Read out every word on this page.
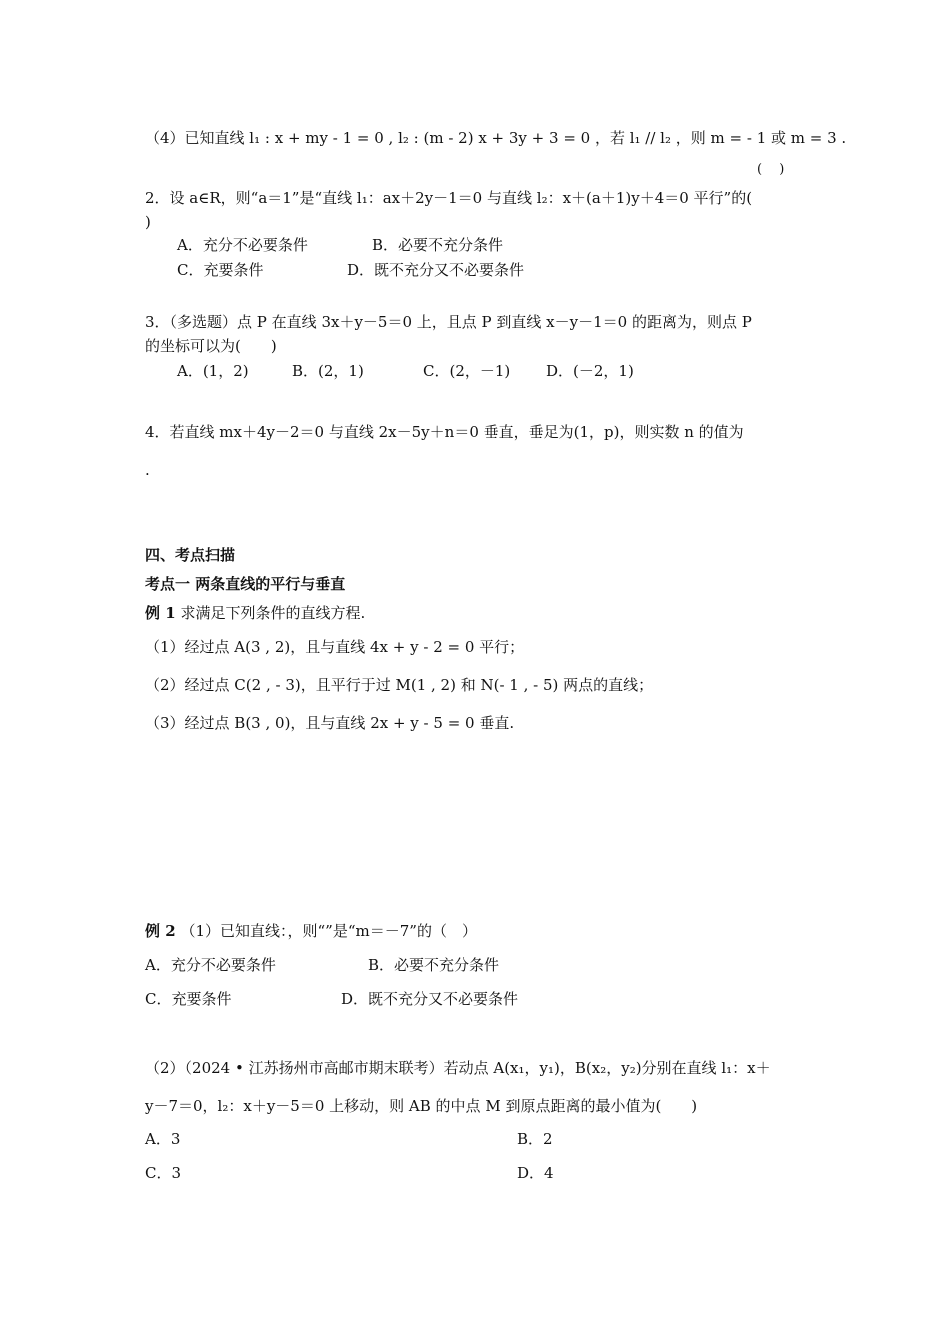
（4）已知直线 l₁ : x + my - 1 = 0 , l₂ : (m - 2) x + 3y + 3 = 0 ，若 l₁ // l₂ ，则 m = - 1 或 m = 3 .
(　 )
2．设 a∈R，则“a＝1”是“直线 l₁：ax＋2y－1＝0 与直线 l₂：x＋(a＋1)y＋4＝0 平行”的(
)
A．充分不必要条件	B．必要不充分条件
C．充要条件	D．既不充分又不必要条件
3．（多选题）点 P 在直线 3x＋y－5＝0 上，且点 P 到直线 x－y－1＝0 的距离为，则点 P
的坐标可以为(　　)
A．(1，2)	B．(2，1)	C．(2，－1) D．(－2，1)
4．若直线 mx＋4y－2＝0 与直线 2x－5y＋n＝0 垂直，垂足为(1，p)，则实数 n 的值为
.
四、考点扫描
考点一 两条直线的平行与垂直
例 1 求满足下列条件的直线方程.
（1）经过点 A(3 , 2)，且与直线 4x + y - 2 = 0 平行；
（2）经过点 C(2 , - 3)，且平行于过 M(1 , 2) 和 N(- 1 , - 5) 两点的直线；
（3）经过点 B(3 , 0)，且与直线 2x + y - 5 = 0 垂直.
例 2 （1）已知直线：，则“”是“m＝－7”的（　）
A．充分不必要条件	B．必要不充分条件
C．充要条件	D．既不充分又不必要条件
（2）（2024 • 江苏扬州市高邮市期末联考）若动点 A(x₁，y₁)，B(x₂，y₂)分别在直线 l₁：x＋
y－7＝0，l₂：x＋y－5＝0 上移动，则 AB 的中点 M 到原点距离的最小值为(　　)
A．3	B．2
C．3	D．4
